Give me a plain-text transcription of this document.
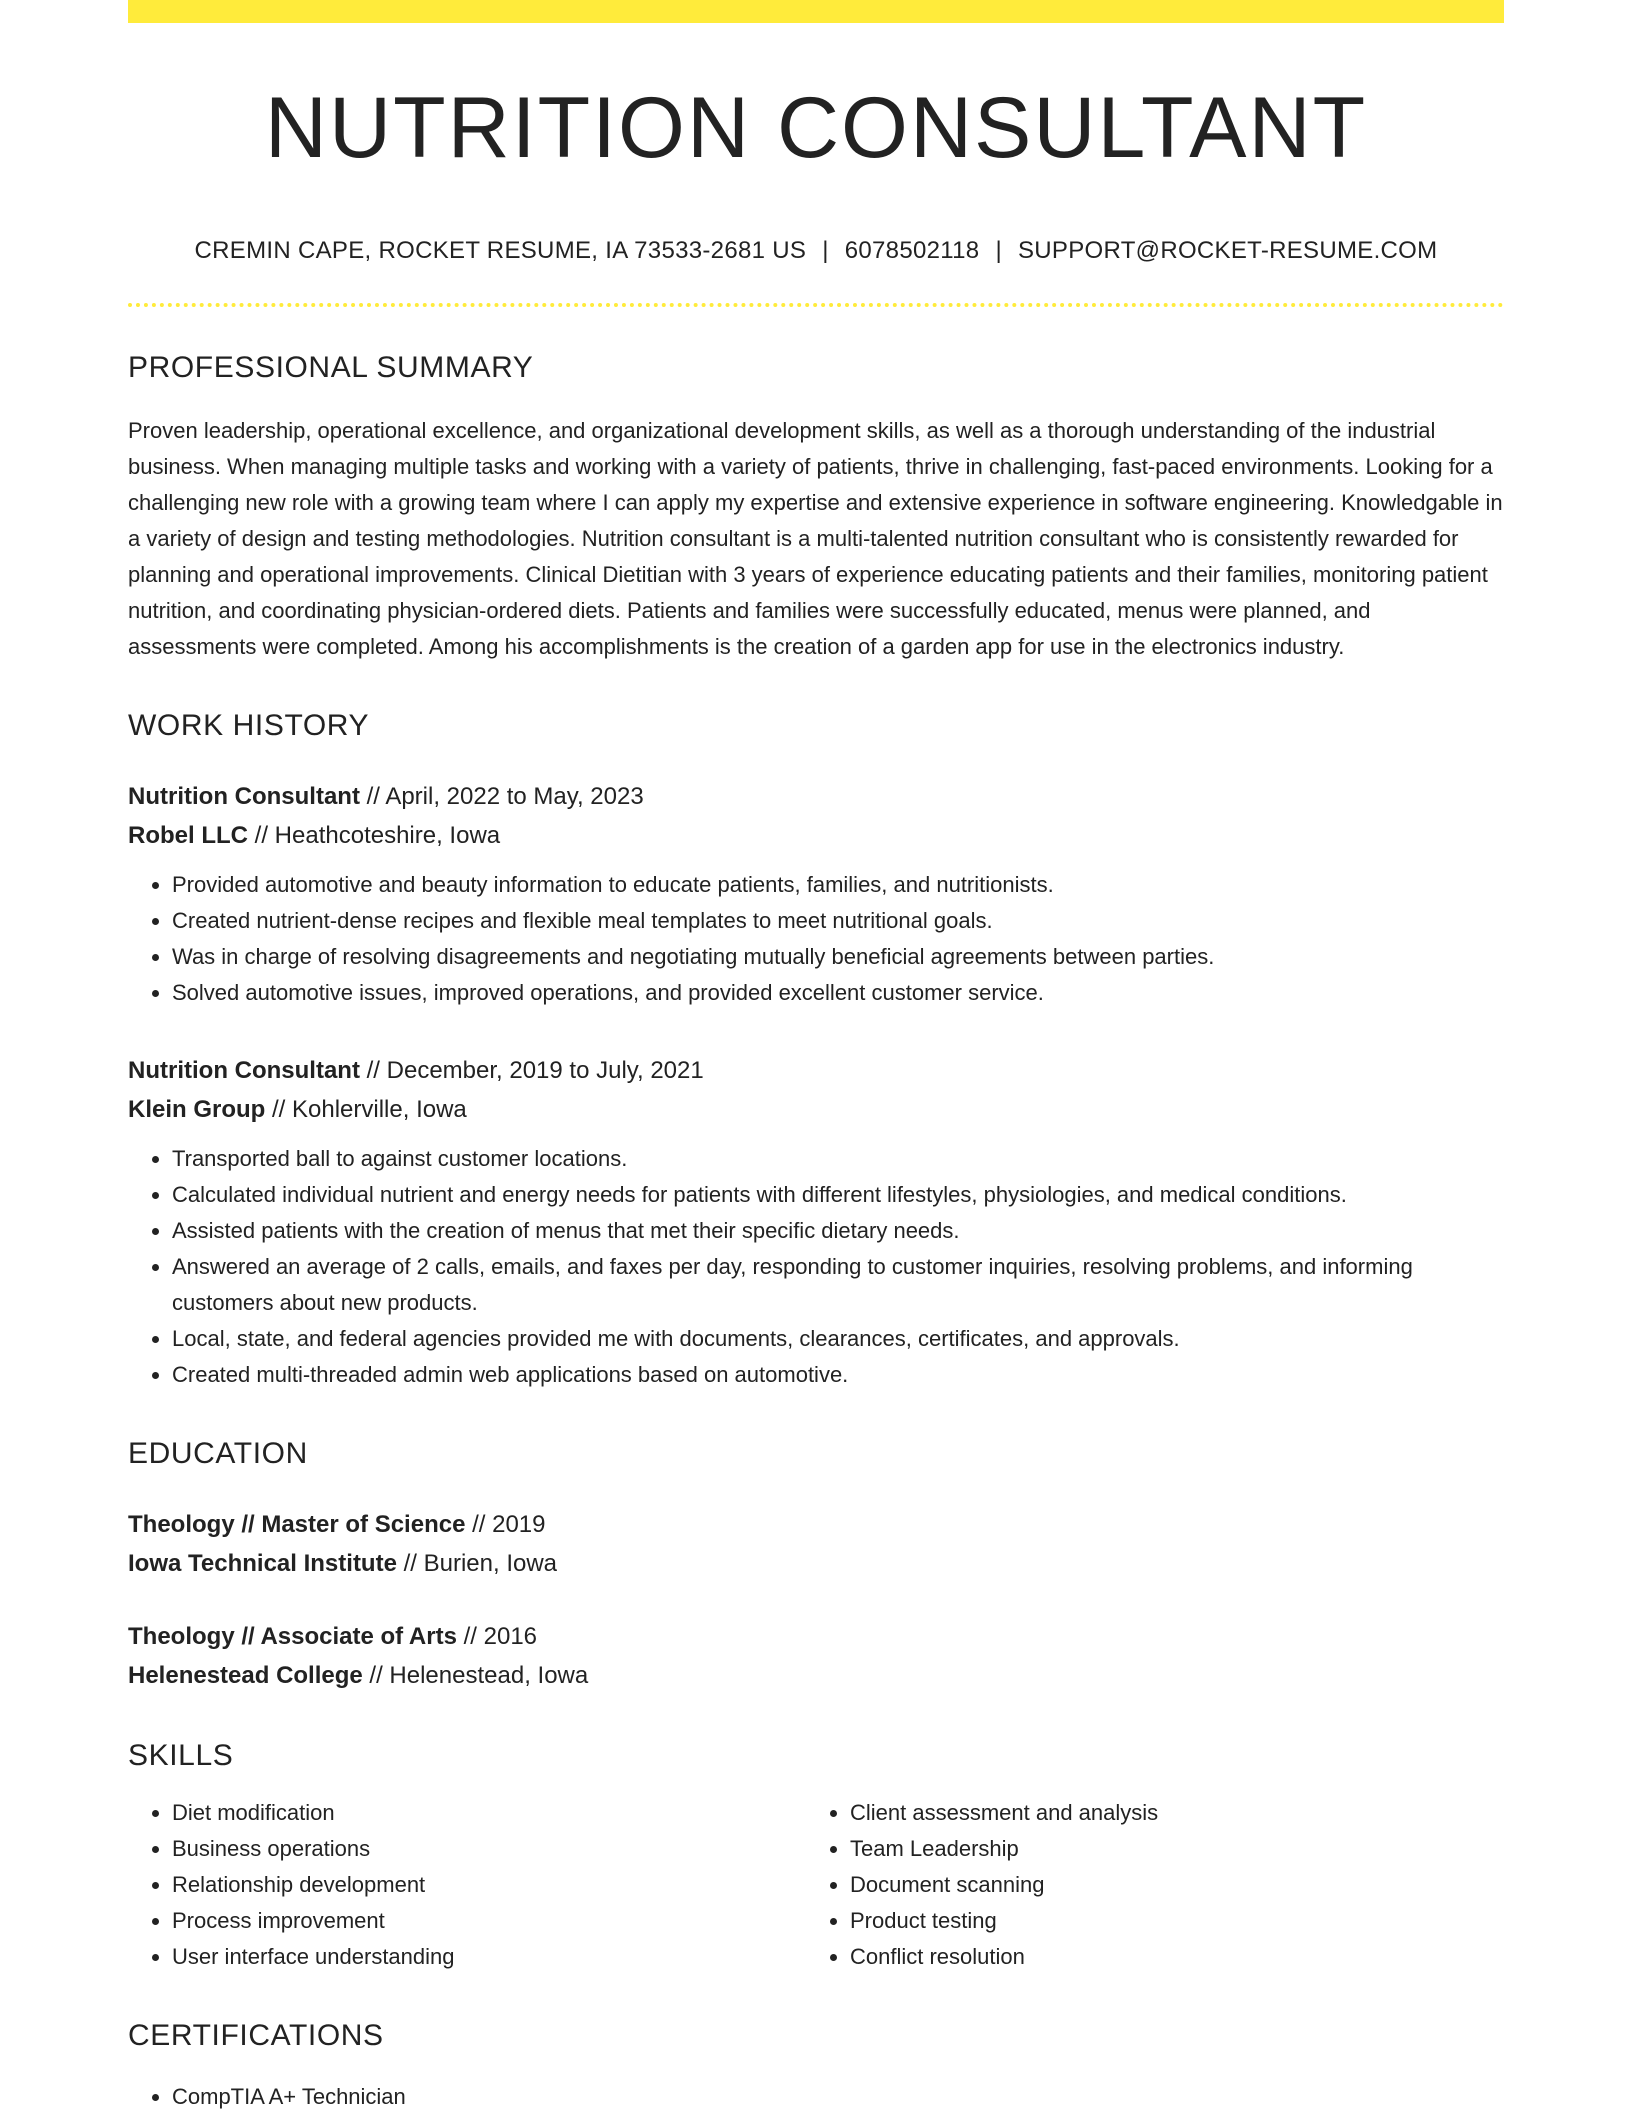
NUTRITION CONSULTANT
CREMIN CAPE, ROCKET RESUME, IA 73533-2681 US | 6078502118 | SUPPORT@ROCKET-RESUME.COM
PROFESSIONAL SUMMARY

Proven leadership, operational excellence, and organizational development skills, as well as a thorough understanding of the industrial business. When managing multiple tasks and working with a variety of patients, thrive in challenging, fast-paced environments. Looking for a challenging new role with a growing team where I can apply my expertise and extensive experience in software engineering. Knowledgable in a variety of design and testing methodologies. Nutrition consultant is a multi-talented nutrition consultant who is consistently rewarded for planning and operational improvements. Clinical Dietitian with 3 years of experience educating patients and their families, monitoring patient nutrition, and coordinating physician-ordered diets. Patients and families were successfully educated, menus were planned, and assessments were completed. Among his accomplishments is the creation of a garden app for use in the electronics industry.

WORK HISTORY
Nutrition Consultant // April, 2022 to May, 2023
Robel LLC // Heathcoteshire, Iowa
• Provided automotive and beauty information to educate patients, families, and nutritionists.
• Created nutrient-dense recipes and flexible meal templates to meet nutritional goals.
• Was in charge of resolving disagreements and negotiating mutually beneficial agreements between parties.
• Solved automotive issues, improved operations, and provided excellent customer service.
Nutrition Consultant // December, 2019 to July, 2021
Klein Group // Kohlerville, Iowa
• Transported ball to against customer locations.
• Calculated individual nutrient and energy needs for patients with different lifestyles, physiologies, and medical conditions.
• Assisted patients with the creation of menus that met their specific dietary needs.
• Answered an average of 2 calls, emails, and faxes per day, responding to customer inquiries, resolving problems, and informing customers about new products.
• Local, state, and federal agencies provided me with documents, clearances, certificates, and approvals.
• Created multi-threaded admin web applications based on automotive.
EDUCATION
Theology // Master of Science // 2019
Iowa Technical Institute // Burien, Iowa
Theology // Associate of Arts // 2016
Helenestead College // Helenestead, Iowa
SKILLS
• Diet modification
• Business operations
• Relationship development
• Process improvement
• User interface understanding
• Client assessment and analysis
• Team Leadership
• Document scanning
• Product testing
• Conflict resolution
CERTIFICATIONS
• CompTIA A+ Technician
